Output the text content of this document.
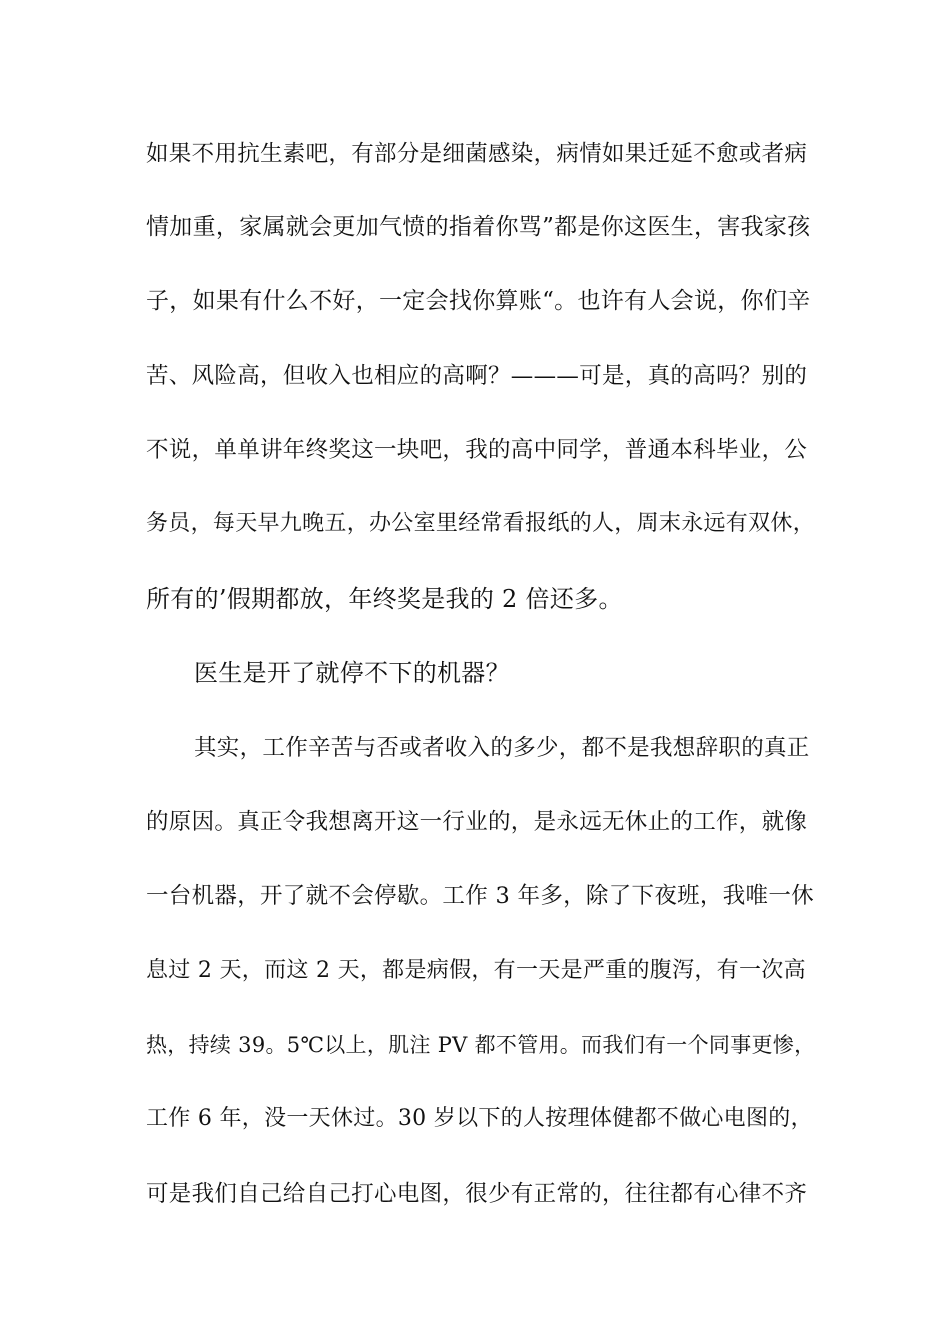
如果不用抗生素吧，有部分是细菌感染，病情如果迁延不愈或者病
情加重，家属就会更加气愤的指着你骂”都是你这医生，害我家孩
子，如果有什么不好，一定会找你算账“。也许有人会说，你们辛
苦、风险高，但收入也相应的高啊？———可是，真的高吗？别的
不说，单单讲年终奖这一块吧，我的高中同学，普通本科毕业，公
务员，每天早九晚五，办公室里经常看报纸的人，周末永远有双休，
所有的’假期都放，年终奖是我的 2 倍还多。
医生是开了就停不下的机器？
其实，工作辛苦与否或者收入的多少，都不是我想辞职的真正
的原因。真正令我想离开这一行业的，是永远无休止的工作，就像
一台机器，开了就不会停歇。工作 3 年多，除了下夜班，我唯一休
息过 2 天，而这 2 天，都是病假，有一天是严重的腹泻，有一次高
热，持续 39。5℃以上，肌注 PV 都不管用。而我们有一个同事更惨，
工作 6 年，没一天休过。30 岁以下的人按理体健都不做心电图的，
可是我们自己给自己打心电图，很少有正常的，往往都有心律不齐
